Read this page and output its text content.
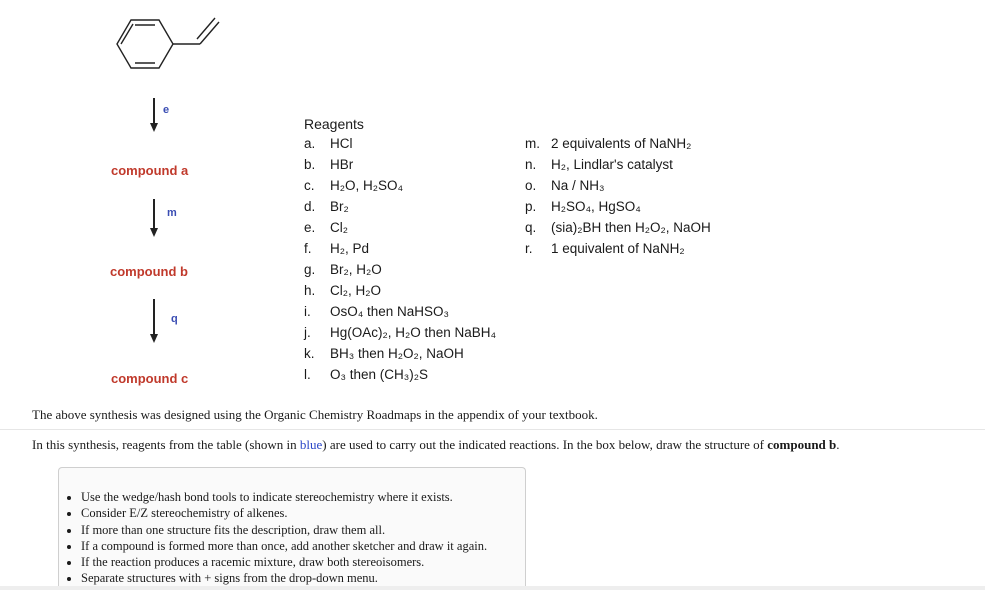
e
compound a
m
compound b
q
compound c
Reagents
a. HCl
b. HBr
c. H₂O, H₂SO₄
d. Br₂
e. Cl₂
f. H₂, Pd
g. Br₂, H₂O
h. Cl₂, H₂O
i. OsO₄ then NaHSO₃
j. Hg(OAc)₂, H₂O then NaBH₄
k. BH₃ then H₂O₂, NaOH
l. O₃ then (CH₃)₂S
m. 2 equivalents of NaNH₂
n. H₂, Lindlar's catalyst
o. Na / NH₃
p. H₂SO₄, HgSO₄
q. (sia)₂BH then H₂O₂, NaOH
r. 1 equivalent of NaNH₂
The above synthesis was designed using the Organic Chemistry Roadmaps in the appendix of your textbook.
In this synthesis, reagents from the table (shown in blue) are used to carry out the indicated reactions. In the box below, draw the structure of compound b.
• Use the wedge/hash bond tools to indicate stereochemistry where it exists.
• Consider E/Z stereochemistry of alkenes.
• If more than one structure fits the description, draw them all.
• If a compound is formed more than once, add another sketcher and draw it again.
• If the reaction produces a racemic mixture, draw both stereoisomers.
• Separate structures with + signs from the drop-down menu.
